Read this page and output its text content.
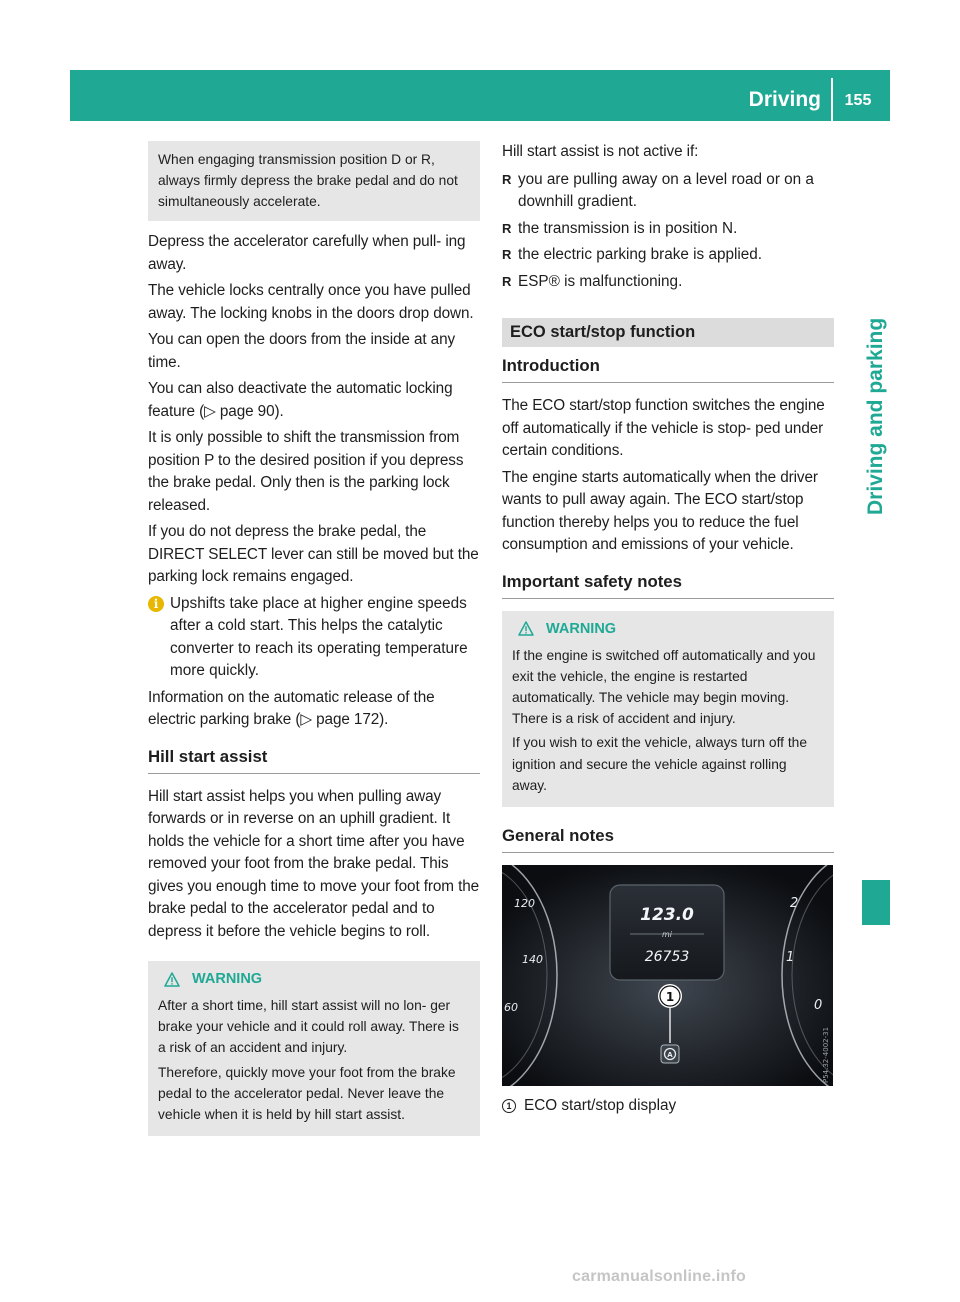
Driving	155
Driving and parking

When engaging transmission position D or R, always firmly depress the brake pedal and do not simultaneously accelerate.

Depress the accelerator carefully when pull- ing away.

The vehicle locks centrally once you have pulled away. The locking knobs in the doors drop down.

You can open the doors from the inside at any time.

You can also deactivate the automatic locking feature (▷ page 90).

It is only possible to shift the transmission from position P to the desired position if you depress the brake pedal. Only then is the parking lock released.

If you do not depress the brake pedal, the DIRECT SELECT lever can still be moved but the parking lock remains engaged.

i Upshifts take place at higher engine speeds after a cold start. This helps the catalytic converter to reach its operating temperature more quickly.

Information on the automatic release of the electric parking brake (▷ page 172).

Hill start assist

Hill start assist helps you when pulling away forwards or in reverse on an uphill gradient. It holds the vehicle for a short time after you have removed your foot from the brake pedal. This gives you enough time to move your foot from the brake pedal to the accelerator pedal and to depress it before the vehicle begins to roll.

WARNING

After a short time, hill start assist will no lon- ger brake your vehicle and it could roll away. There is a risk of an accident and injury.

Therefore, quickly move your foot from the brake pedal to the accelerator pedal. Never leave the vehicle when it is held by hill start assist.

Hill start assist is not active if:

R you are pulling away on a level road or on a downhill gradient.
R the transmission is in position N.
R the electric parking brake is applied.
R ESP® is malfunctioning.
ECO start/stop function
Introduction

The ECO start/stop function switches the engine off automatically if the vehicle is stop- ped under certain conditions.

The engine starts automatically when the driver wants to pull away again. The ECO start/stop function thereby helps you to reduce the fuel consumption and emissions of your vehicle.

Important safety notes
WARNING

If the engine is switched off automatically and you exit the vehicle, the engine is restarted automatically. The vehicle may begin moving. There is a risk of accident and injury.

If you wish to exit the vehicle, always turn off the ignition and secure the vehicle against rolling away.

General notes
120
140
60
2
1
0
123.0
mi
26753
1
A	P54.32-4002-31
1 ECO start/stop display
carmanualsonline.info
